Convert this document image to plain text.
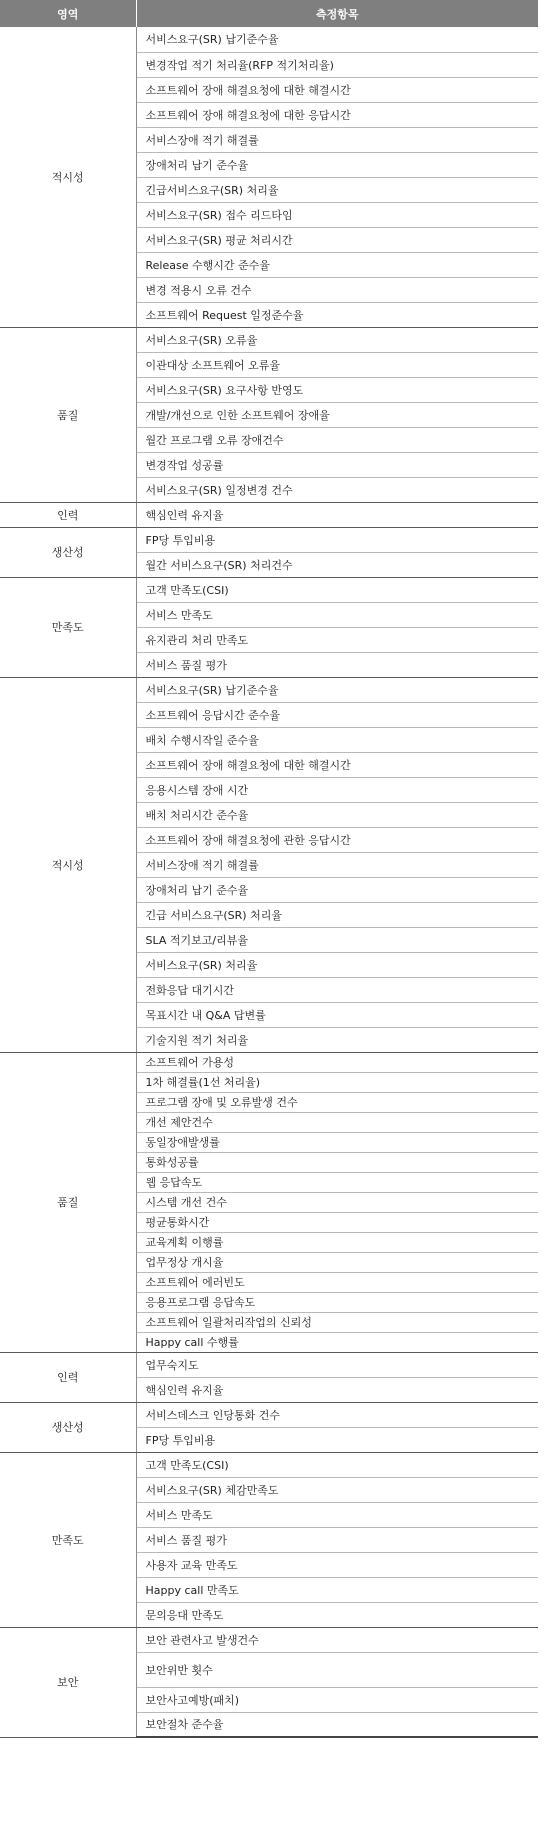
영역	측정항목
적시성	서비스요구(SR) 납기준수율
	변경작업 적기 처리율(RFP 적기처리율)
	소프트웨어 장애 해결요청에 대한 해결시간
	소프트웨어 장애 해결요청에 대한 응답시간
	서비스장애 적기 해결률
	장애처리 납기 준수율
	긴급서비스요구(SR) 처리율
	서비스요구(SR) 접수 리드타임
	서비스요구(SR) 평균 처리시간
	Release 수행시간 준수율
	변경 적용시 오류 건수
	소프트웨어 Request 일정준수율
품질	서비스요구(SR) 오류율
	이관대상 소프트웨어 오류율
	서비스요구(SR) 요구사항 반영도
	개발/개선으로 인한 소프트웨어 장애율
	월간 프로그램 오류 장애건수
	변경작업 성공률
	서비스요구(SR) 일정변경 건수
인력	핵심인력 유지율
생산성	FP당 투입비용
	월간 서비스요구(SR) 처리건수
만족도	고객 만족도(CSI)
	서비스 만족도
	유지관리 처리 만족도
	서비스 품질 평가
적시성	서비스요구(SR) 납기준수율
	소프트웨어 응답시간 준수율
	배치 수행시작일 준수율
	소프트웨어 장애 해결요청에 대한 해결시간
	응용시스템 장애 시간
	배치 처리시간 준수율
	소프트웨어 장애 해결요청에 관한 응답시간
	서비스장애 적기 해결률
	장애처리 납기 준수율
	긴급 서비스요구(SR) 처리율
	SLA 적기보고/리뷰율
	서비스요구(SR) 처리율
	전화응답 대기시간
	목표시간 내 Q&A 답변률
	기술지원 적기 처리율
품질	소프트웨어 가용성
	1차 해결률(1선 처리율)
	프로그램 장애 및 오류발생 건수
	개선 제안건수
	동일장애발생률
	통화성공률
	웹 응답속도
	시스템 개선 건수
	평균통화시간
	교육계획 이행률
	업무정상 개시율
	소프트웨어 에러빈도
	응용프로그램 응답속도
	소프트웨어 일괄처리작업의 신뢰성
	Happy call 수행률
인력	업무숙지도
	핵심인력 유지율
생산성	서비스데스크 인당통화 건수
	FP당 투입비용
만족도	고객 만족도(CSI)
	서비스요구(SR) 체감만족도
	서비스 만족도
	서비스 품질 평가
	사용자 교육 만족도
	Happy call 만족도
	문의응대 만족도
보안	보안 관련사고 발생건수
	보안위반 횟수
	보안사고예방(패치)
	보안절차 준수율
